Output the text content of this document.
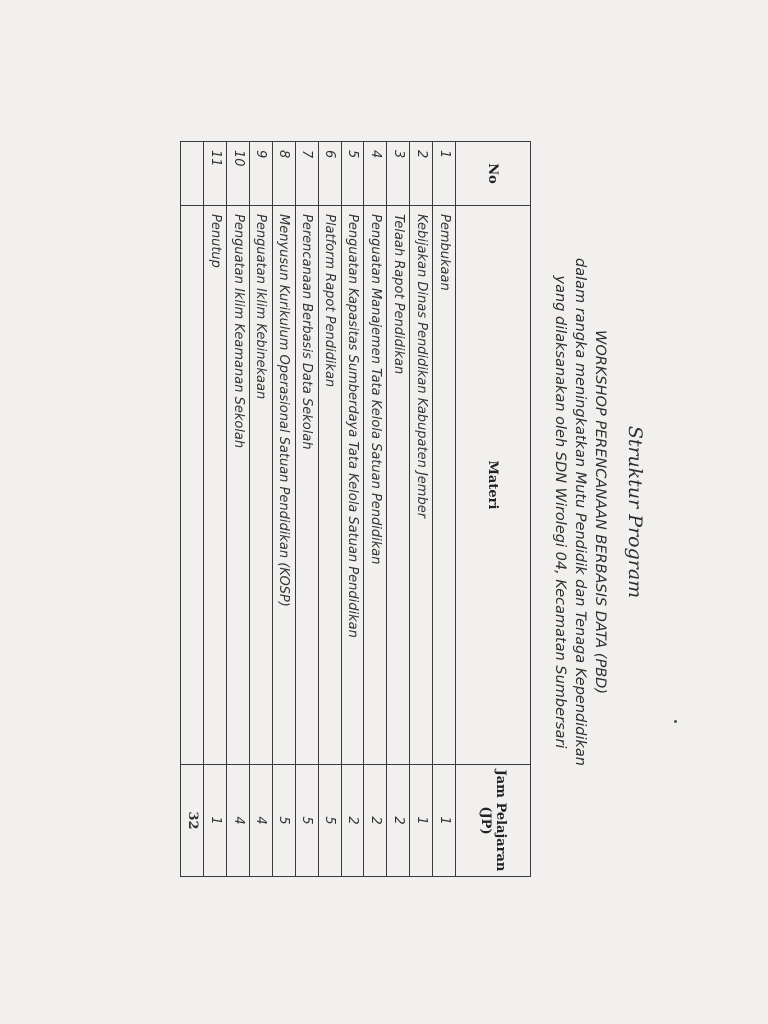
Struktur Program
WORKSHOP PERENCANAAN BERBASIS DATA (PBD)
dalam rangka meningkatkan Mutu Pendidik dan Tenaga Kependidikan
yang dilaksanakan oleh SDN Wirolegi 04, Kecamatan Sumbersari
No	Materi	Jam Pelajaran (JP)
1	Pembukaan	1
2	Kebijakan Dinas Pendidikan Kabupaten Jember	1
3	Telaah Rapot Pendidikan	2
4	Penguatan Manajemen Tata Kelola Satuan Pendidikan	2
5	Penguatan Kapasitas Sumberdaya Tata Kelola Satuan Pendidikan	2
6	Platform Rapot Pendidikan	5
7	Perencanaan Berbasis Data Sekolah	5
8	Menyusun Kurikulum Operasional Satuan Pendidikan (KOSP)	5
9	Penguatan Iklim Kebinekaan	4
10	Penguatan Iklim Keamanan Sekolah	4
11	Penutup	1
		32
